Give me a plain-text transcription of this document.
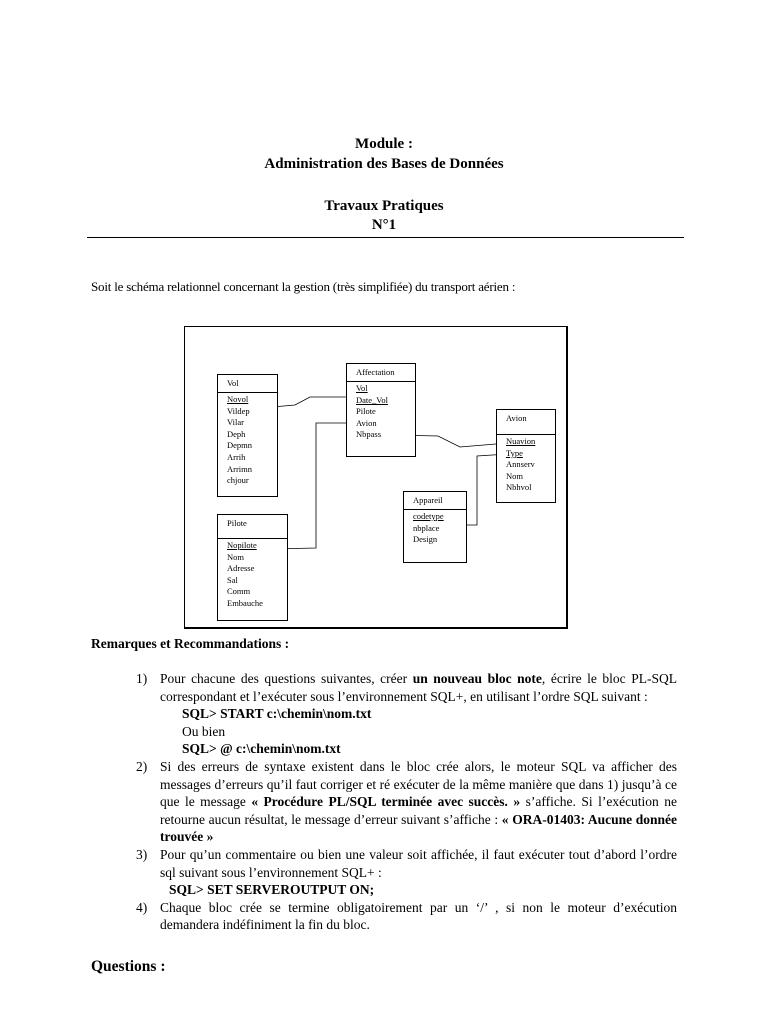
Module :
Administration des Bases de Données
Travaux Pratiques
N°1
Soit le schéma relationnel concernant la gestion (très simplifiée) du transport aérien :
Vol
Novol
Vildep
Vilar
Deph
Depmn
Arrih
Arrimn
chjour
Affectation
Vol
Date_Vol
Pilote
Avion
Nbpass
Avion
Nuavion
Type
Annserv
Nom
Nbhvol
Appareil
codetype
nbplace
Design
Pilote
Nopilote
Nom
Adresse
Sal
Comm
Embauche
Remarques et Recommandations :
1) Pour chacune des questions suivantes, créer un nouveau bloc note, écrire le bloc PL-SQL correspondant et l’exécuter sous l’environnement SQL+, en utilisant l’ordre SQL suivant :
SQL> START c:\chemin\nom.txt
Ou bien
SQL> @ c:\chemin\nom.txt
2) Si des erreurs de syntaxe existent dans le bloc crée alors, le moteur SQL va afficher des messages d’erreurs qu’il faut corriger et ré exécuter de la même manière que dans 1) jusqu’à ce que le message « Procédure PL/SQL terminée avec succès. » s’affiche. Si l’exécution ne retourne aucun résultat, le message d’erreur suivant s’affiche : « ORA-01403: Aucune donnée trouvée »
3) Pour qu’un commentaire ou bien une valeur soit affichée, il faut exécuter tout d’abord l’ordre sql suivant sous l’environnement SQL+ :
SQL> SET SERVEROUTPUT ON;
4) Chaque bloc crée se termine obligatoirement par un ‘/’ , si non le moteur d’exécution demandera indéfiniment la fin du bloc.
Questions :
